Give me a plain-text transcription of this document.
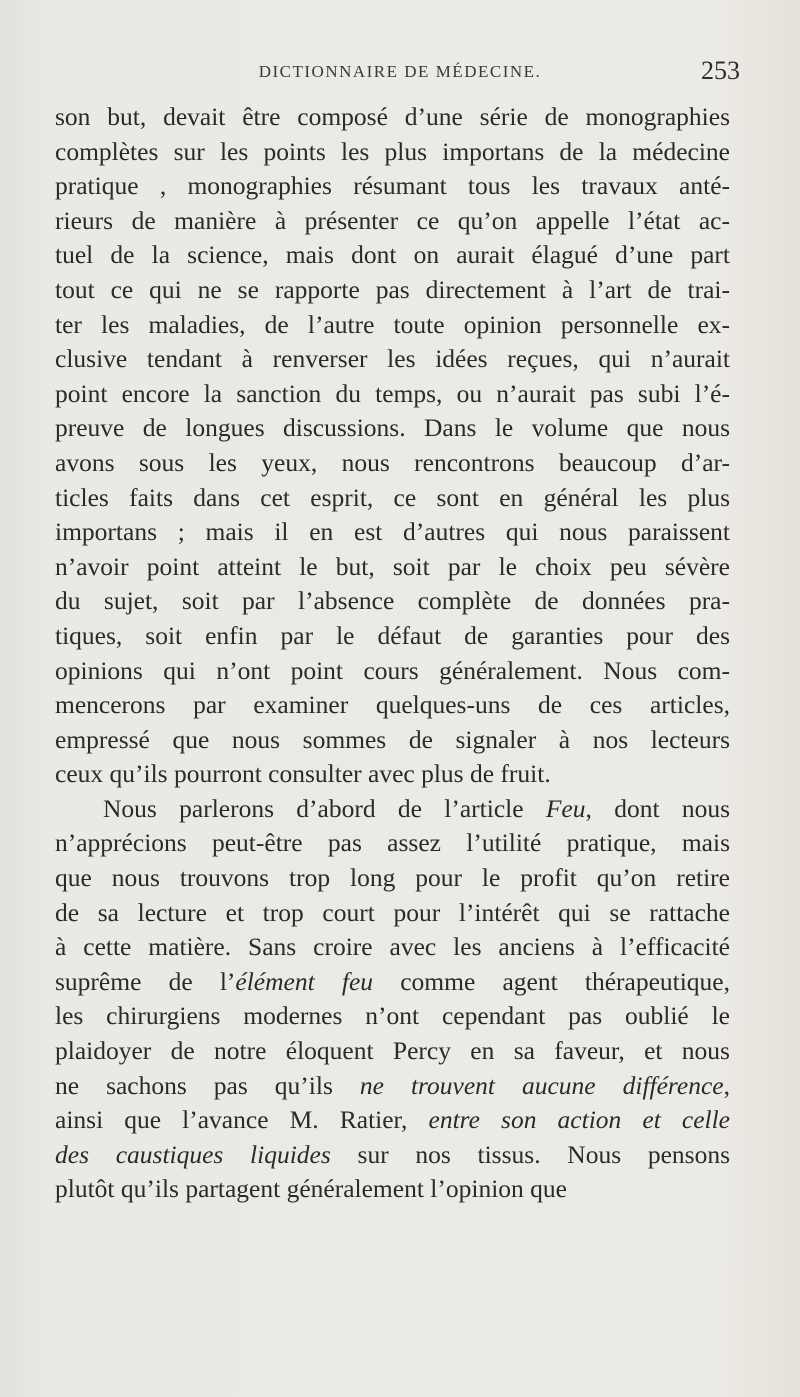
DICTIONNAIRE DE MÉDECINE.	253
son but, devait être composé d’une série de monographies
complètes sur les points les plus importans de la médecine
pratique , monographies résumant tous les travaux anté-
rieurs de manière à présenter ce qu’on appelle l’état ac-
tuel de la science, mais dont on aurait élagué d’une part
tout ce qui ne se rapporte pas directement à l’art de trai-
ter les maladies, de l’autre toute opinion personnelle ex-
clusive tendant à renverser les idées reçues, qui n’aurait
point encore la sanction du temps, ou n’aurait pas subi l’é-
preuve de longues discussions. Dans le volume que nous
avons sous les yeux, nous rencontrons beaucoup d’ar-
ticles faits dans cet esprit, ce sont en général les plus
importans ; mais il en est d’autres qui nous paraissent
n’avoir point atteint le but, soit par le choix peu sévère
du sujet, soit par l’absence complète de données pra-
tiques, soit enfin par le défaut de garanties pour des
opinions qui n’ont point cours généralement. Nous com-
mencerons par examiner quelques-uns de ces articles,
empressé que nous sommes de signaler à nos lecteurs
ceux qu’ils pourront consulter avec plus de fruit.
Nous parlerons d’abord de l’article Feu, dont nous
n’apprécions peut-être pas assez l’utilité pratique, mais
que nous trouvons trop long pour le profit qu’on retire
de sa lecture et trop court pour l’intérêt qui se rattache
à cette matière. Sans croire avec les anciens à l’efficacité
suprême de l’élément feu comme agent thérapeutique,
les chirurgiens modernes n’ont cependant pas oublié le
plaidoyer de notre éloquent Percy en sa faveur, et nous
ne sachons pas qu’ils ne trouvent aucune différence,
ainsi que l’avance M. Ratier, entre son action et celle
des caustiques liquides sur nos tissus. Nous pensons
plutôt qu’ils partagent généralement l’opinion que
